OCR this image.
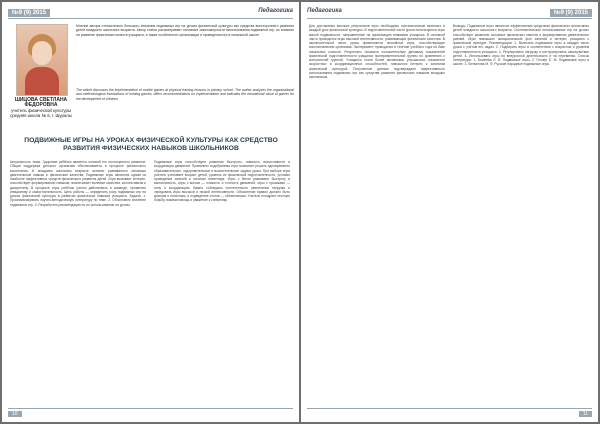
№9 (9) 2015	Педагогика
ШИЦОВА СВЕТЛАНА ФЕДОРОВНА
учитель физической культуры
средняя школа № 6, г. Шуралы

Мнение автора относительно большого значения подвижных игр на уроках физической культуры как средства всестороннего развития детей младшего школьного возраста. Автор статьи рассматривает основные закономерности использования подвижных игр, их влияние на развитие физических качеств учащихся, а также особенности организации и проведения игр в начальной школе.

The article discusses the implementation of mobile games at physical training lessons in primary school. The author analyzes the organizational and methodological foundations of holding games, offers recommendations on implementation and indicates the educational value of games for the development of children.

ПОДВИЖНЫЕ ИГРЫ НА УРОКАХ ФИЗИЧЕСКОЙ КУЛЬТУРЫ КАК СРЕДСТВО РАЗВИТИЯ ФИЗИЧЕСКИХ НАВЫКОВ ШКОЛЬНИКОВ

Актуальность темы. Здоровье ребёнка является основой его полноценного развития. Общая поддержка детского организма обеспечивается в процессе физического воспитания. В младшем школьном возрасте активно развиваются основные двигательные навыки и физические качества. Подвижные игры являются одним из наиболее эффективных средств физического развития детей. Игра вызывает интерес, способствует формированию навыков, воспитывает волевые качества, коллективизм и дисциплину. В процессе игры ребёнок учится действовать в команде, проявлять инициативу и самостоятельность. Цель работы — определить роль подвижных игр на уроках физической культуры в развитии физических навыков учащихся. Задачи: 1. Проанализировать научно-методическую литературу по теме. 2. Обосновать значение подвижных игр. 3. Разработать рекомендации по их использованию на уроках.

Подвижные игры способствуют развитию быстроты, ловкости, выносливости и координации движений. Правильно подобранная игра позволяет решать одновременно образовательные, оздоровительные и воспитательные задачи урока. При выборе игры учитель учитывает возраст детей, уровень их физической подготовленности, условия проведения занятий и наличие инвентаря. Игры с бегом развивают быстроту и выносливость, игры с мячом — ловкость и точность движений, игры с прыжками — силу и координацию. Важно соблюдать постепенность увеличения нагрузки и чередовать игры высокой и низкой интенсивности. Объяснение правил должно быть кратким и понятным, а подведение итогов — объективным. Учитель поощряет честную борьбу, взаимопомощь и уважение к сопернику.

10
Педагогика	№9 (9) 2015

Для достижения высоких результатов игры необходимо систематически включать в каждый урок физической культуры. В подготовительной части урока используются игры малой подвижности, направленные на организацию внимания учащихся. В основной части проводятся игры высокой интенсивности, развивающие физические качества. В заключительной части урока применяются спокойные игры, способствующие восстановлению организма. Эксперимент проводился в течение учебного года на базе начальных классов. Результаты показали положительную динамику показателей физической подготовленности учащихся экспериментальной группы по сравнению с контрольной группой. Учащиеся стали более активными, улучшились показатели скоростных и координационных способностей, повысился интерес к занятиям физической культурой. Полученные данные подтверждают эффективность использования подвижных игр как средства развития физических навыков младших школьников.

Выводы. Подвижные игры являются эффективным средством физического воспитания детей младшего школьного возраста. Систематическое использование игр на уроках способствует развитию основных физических качеств и формированию двигательных умений. Игры повышают эмоциональный фон занятий и интерес учащихся к физической культуре. Рекомендации: 1. Включать подвижные игры в каждую часть урока с учётом его задач. 2. Подбирать игры в соответствии с возрастом и уровнем подготовленности учащихся. 3. Регулировать нагрузку и контролировать самочувствие детей. 4. Использовать игры во внеурочной деятельности и на переменах. Список литературы: 1. Былеева Л. В. Подвижные игры. 2. Геллер Е. М. Подвижные игры в школе. 3. Литвинова М. Ф. Русские народные подвижные игры.

11
